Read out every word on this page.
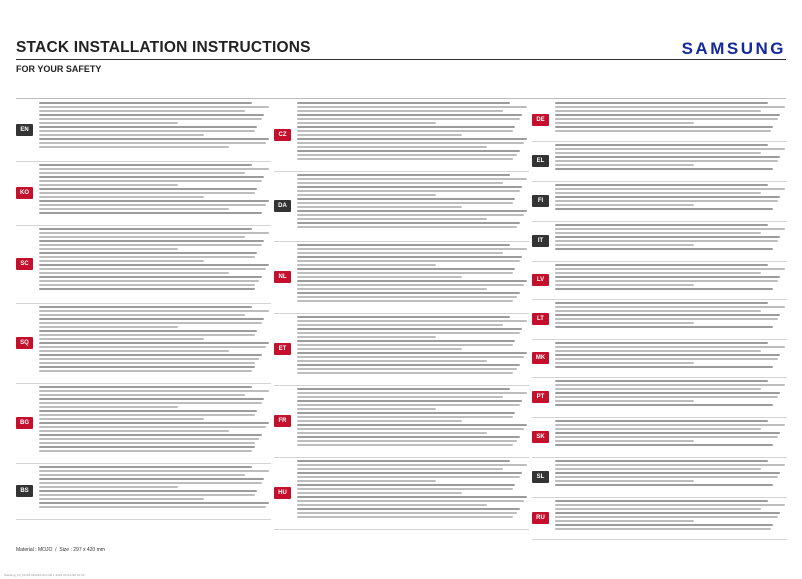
STACK INSTALLATION INSTRUCTIONS	SAMSUNG
FOR YOUR SAFETY
EN
KO
SC
SQ
BG
BS
CZ
DA
NL
ET
FR
HU
DE
EL
FI
IT
LV
LT
MK
PT
SK
SL
RU
Material : MOJO  /  Size : 297 x 420 mm
Stacking_Kit_DC68-04003A-03.indd 1 2022-03-04 AM 10:32
